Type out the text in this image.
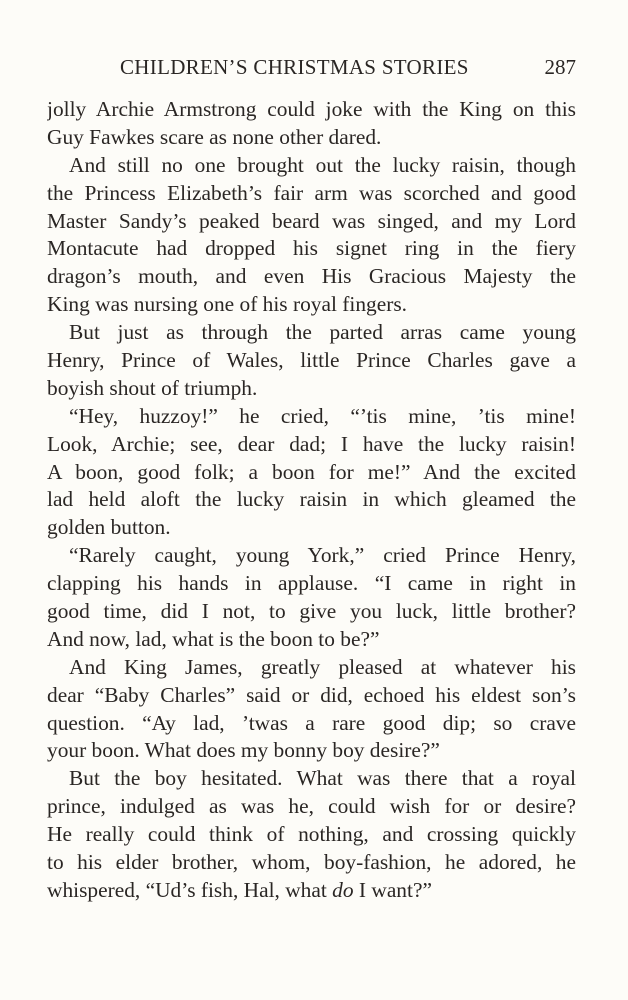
CHILDREN’S CHRISTMAS STORIES	287
jolly Archie Armstrong could joke with the King on this
Guy Fawkes scare as none other dared.
And still no one brought out the lucky raisin, though
the Princess Elizabeth’s fair arm was scorched and good
Master Sandy’s peaked beard was singed, and my Lord
Montacute had dropped his signet ring in the fiery
dragon’s mouth, and even His Gracious Majesty the
King was nursing one of his royal fingers.
But just as through the parted arras came young
Henry, Prince of Wales, little Prince Charles gave a
boyish shout of triumph.
“Hey, huzzoy!” he cried, “’tis mine, ’tis mine!
Look, Archie; see, dear dad; I have the lucky raisin!
A boon, good folk; a boon for me!” And the excited
lad held aloft the lucky raisin in which gleamed the
golden button.
“Rarely caught, young York,” cried Prince Henry,
clapping his hands in applause. “I came in right in
good time, did I not, to give you luck, little brother?
And now, lad, what is the boon to be?”
And King James, greatly pleased at whatever his
dear “Baby Charles” said or did, echoed his eldest son’s
question. “Ay lad, ’twas a rare good dip; so crave
your boon. What does my bonny boy desire?”
But the boy hesitated. What was there that a royal
prince, indulged as was he, could wish for or desire?
He really could think of nothing, and crossing quickly
to his elder brother, whom, boy-fashion, he adored, he
whispered, “Ud’s fish, Hal, what do I want?”
